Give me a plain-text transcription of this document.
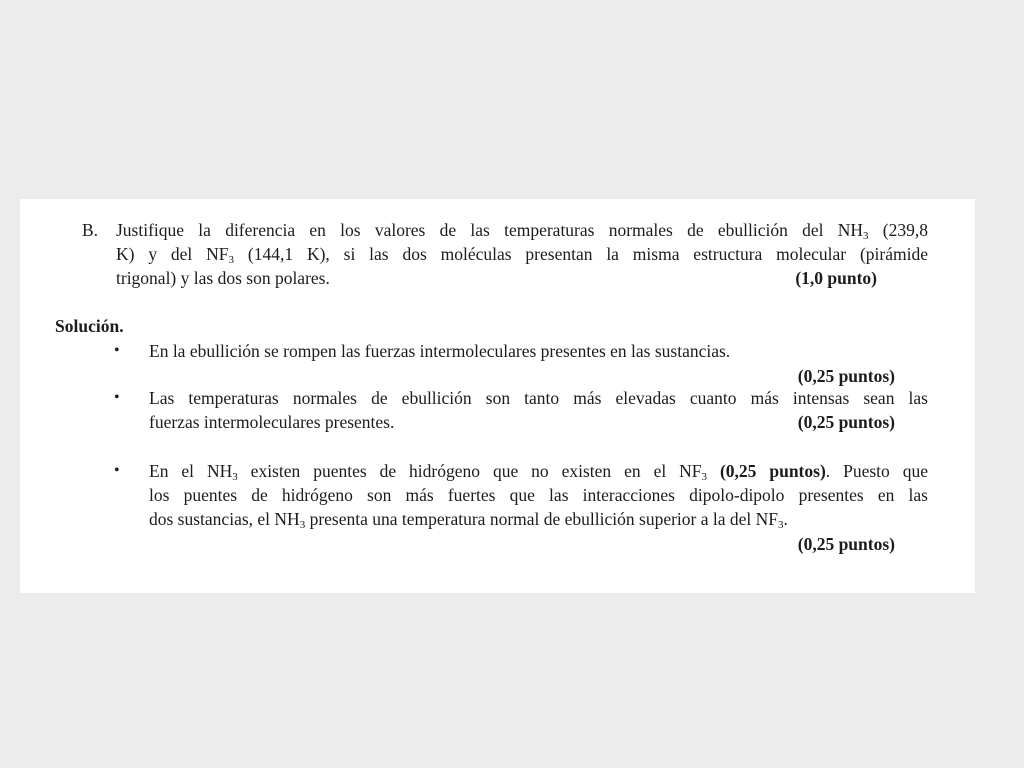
B. Justifique la diferencia en los valores de las temperaturas normales de ebullición del $NH_3$ (239,8
K) y del $NF_3$ (144,1 K), si las dos moléculas presentan la misma estructura molecular (pirámide
trigonal) y las dos son polares.	(1,0 punto)
Solución.
• En la ebullición se rompen las fuerzas intermoleculares presentes en las sustancias.
(0,25 puntos)
• Las temperaturas normales de ebullición son tanto más elevadas cuanto más intensas sean las
fuerzas intermoleculares presentes.	(0,25 puntos)
• En el $NH_3$ existen puentes de hidrógeno que no existen en el $NF_3$ (0,25 puntos). Puesto que
los puentes de hidrógeno son más fuertes que las interacciones dipolo-dipolo presentes en las
dos sustancias, el $NH_3$ presenta una temperatura normal de ebullición superior a la del $NF_3$.
(0,25 puntos)
